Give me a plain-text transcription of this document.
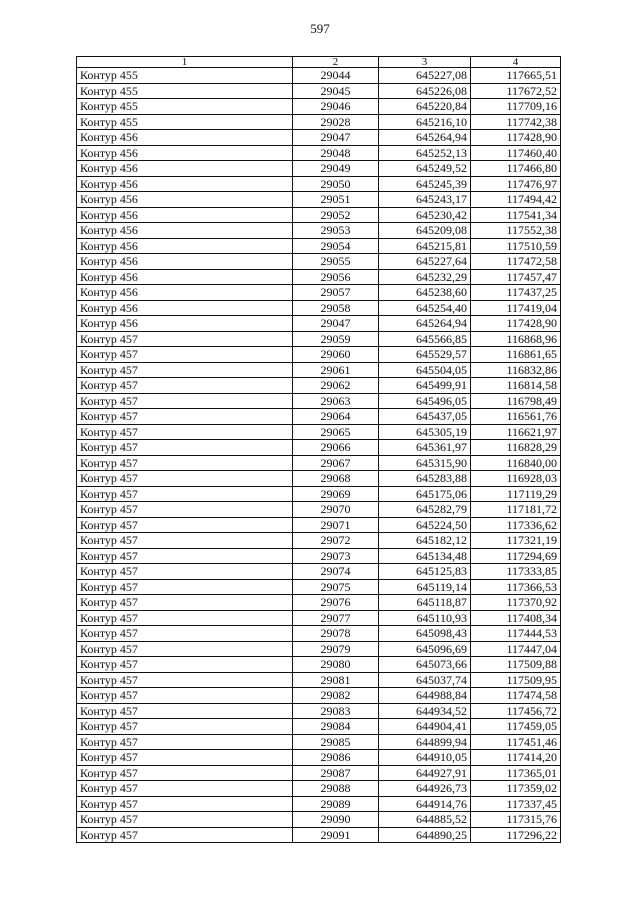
597
1	2	3	4
Контур 455	29044	645227,08	117665,51
Контур 455	29045	645226,08	117672,52
Контур 455	29046	645220,84	117709,16
Контур 455	29028	645216,10	117742,38
Контур 456	29047	645264,94	117428,90
Контур 456	29048	645252,13	117460,40
Контур 456	29049	645249,52	117466,80
Контур 456	29050	645245,39	117476,97
Контур 456	29051	645243,17	117494,42
Контур 456	29052	645230,42	117541,34
Контур 456	29053	645209,08	117552,38
Контур 456	29054	645215,81	117510,59
Контур 456	29055	645227,64	117472,58
Контур 456	29056	645232,29	117457,47
Контур 456	29057	645238,60	117437,25
Контур 456	29058	645254,40	117419,04
Контур 456	29047	645264,94	117428,90
Контур 457	29059	645566,85	116868,96
Контур 457	29060	645529,57	116861,65
Контур 457	29061	645504,05	116832,86
Контур 457	29062	645499,91	116814,58
Контур 457	29063	645496,05	116798,49
Контур 457	29064	645437,05	116561,76
Контур 457	29065	645305,19	116621,97
Контур 457	29066	645361,97	116828,29
Контур 457	29067	645315,90	116840,00
Контур 457	29068	645283,88	116928,03
Контур 457	29069	645175,06	117119,29
Контур 457	29070	645282,79	117181,72
Контур 457	29071	645224,50	117336,62
Контур 457	29072	645182,12	117321,19
Контур 457	29073	645134,48	117294,69
Контур 457	29074	645125,83	117333,85
Контур 457	29075	645119,14	117366,53
Контур 457	29076	645118,87	117370,92
Контур 457	29077	645110,93	117408,34
Контур 457	29078	645098,43	117444,53
Контур 457	29079	645096,69	117447,04
Контур 457	29080	645073,66	117509,88
Контур 457	29081	645037,74	117509,95
Контур 457	29082	644988,84	117474,58
Контур 457	29083	644934,52	117456,72
Контур 457	29084	644904,41	117459,05
Контур 457	29085	644899,94	117451,46
Контур 457	29086	644910,05	117414,20
Контур 457	29087	644927,91	117365,01
Контур 457	29088	644926,73	117359,02
Контур 457	29089	644914,76	117337,45
Контур 457	29090	644885,52	117315,76
Контур 457	29091	644890,25	117296,22
